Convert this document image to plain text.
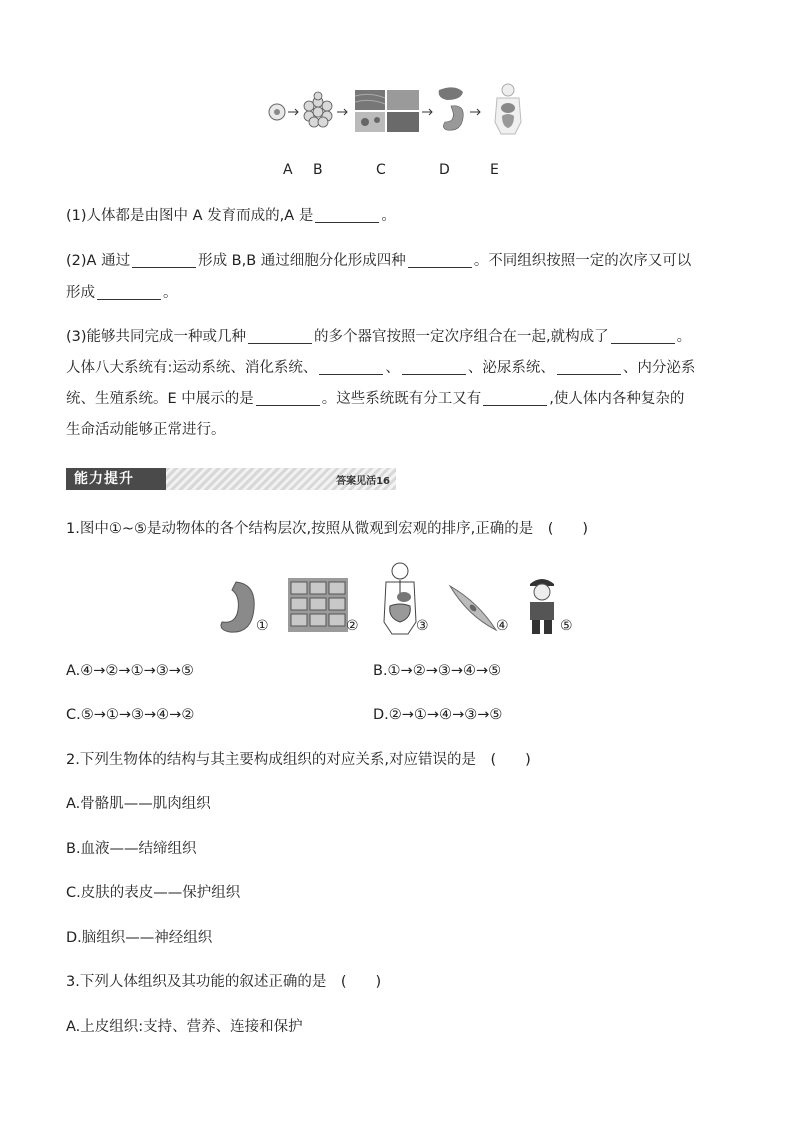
A B	C	D	E
(1)人体都是由图中 A 发育而成的,A 是	。
(2)A 通过	形成 B,B 通过细胞分化形成四种	。不同组织按照一定的次序又可以
形成	。
(3)能够共同完成一种或几种	的多个器官按照一定次序组合在一起,就构成了	。
人体八大系统有:运动系统、消化系统、	、	、泌尿系统、	、内分泌系
统、生殖系统。E 中展示的是	。这些系统既有分工又有	,使人体内各种复杂的
生命活动能够正常进行。
能力提升	答案见活16
1.图中①~⑤是动物体的各个结构层次,按照从微观到宏观的排序,正确的是　(　　)
①	②	③	④	⑤
A.④→②→①→③→⑤	B.①→②→③→④→⑤
C.⑤→①→③→④→②	D.②→①→④→③→⑤
2.下列生物体的结构与其主要构成组织的对应关系,对应错误的是　(　　)
A.骨骼肌——肌肉组织
B.血液——结缔组织
C.皮肤的表皮——保护组织
D.脑组织——神经组织
3.下列人体组织及其功能的叙述正确的是　(　　)
A.上皮组织:支持、营养、连接和保护
